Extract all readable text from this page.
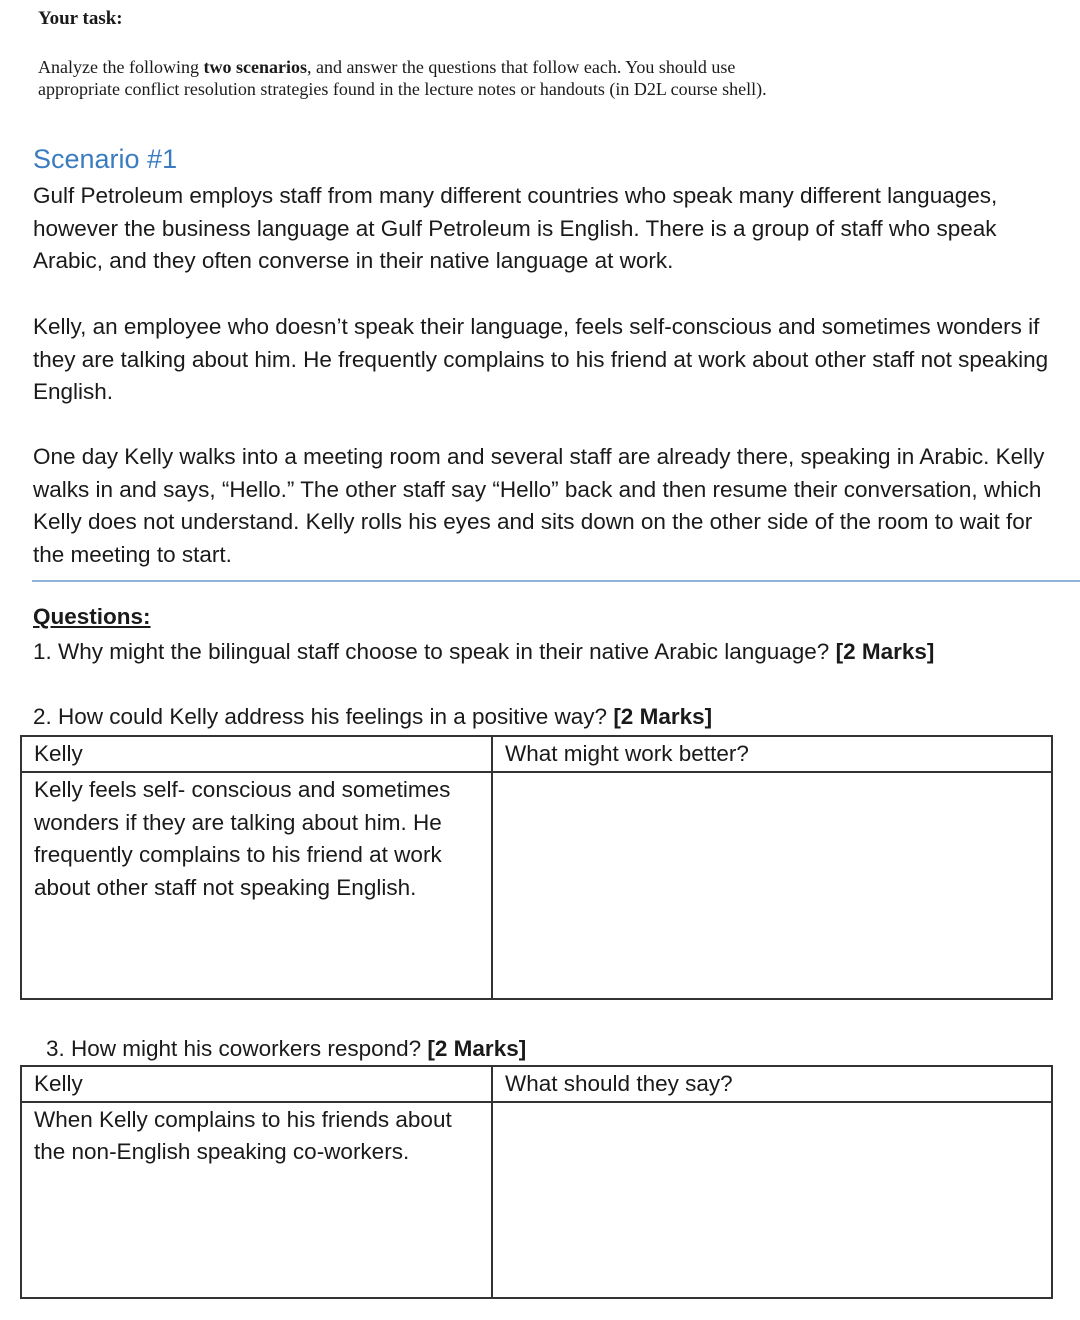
Your task:
Analyze the following two scenarios, and answer the questions that follow each. You should use appropriate conflict resolution strategies found in the lecture notes or handouts (in D2L course shell).
Scenario #1
Gulf Petroleum employs staff from many different countries who speak many different languages, however the business language at Gulf Petroleum is English. There is a group of staff who speak Arabic, and they often converse in their native language at work.
Kelly, an employee who doesn’t speak their language, feels self-conscious and sometimes wonders if they are talking about him. He frequently complains to his friend at work about other staff not speaking English.
One day Kelly walks into a meeting room and several staff are already there, speaking in Arabic. Kelly walks in and says, “Hello.” The other staff say “Hello” back and then resume their conversation, which Kelly does not understand. Kelly rolls his eyes and sits down on the other side of the room to wait for the meeting to start.
Questions:
1. Why might the bilingual staff choose to speak in their native Arabic language? [2 Marks]
2. How could Kelly address his feelings in a positive way? [2 Marks]
Kelly	What might work better?
Kelly feels self- conscious and sometimes wonders if they are talking about him. He frequently complains to his friend at work about other staff not speaking English.	
3. How might his coworkers respond? [2 Marks]
Kelly	What should they say?
When Kelly complains to his friends about the non-English speaking co-workers.	
